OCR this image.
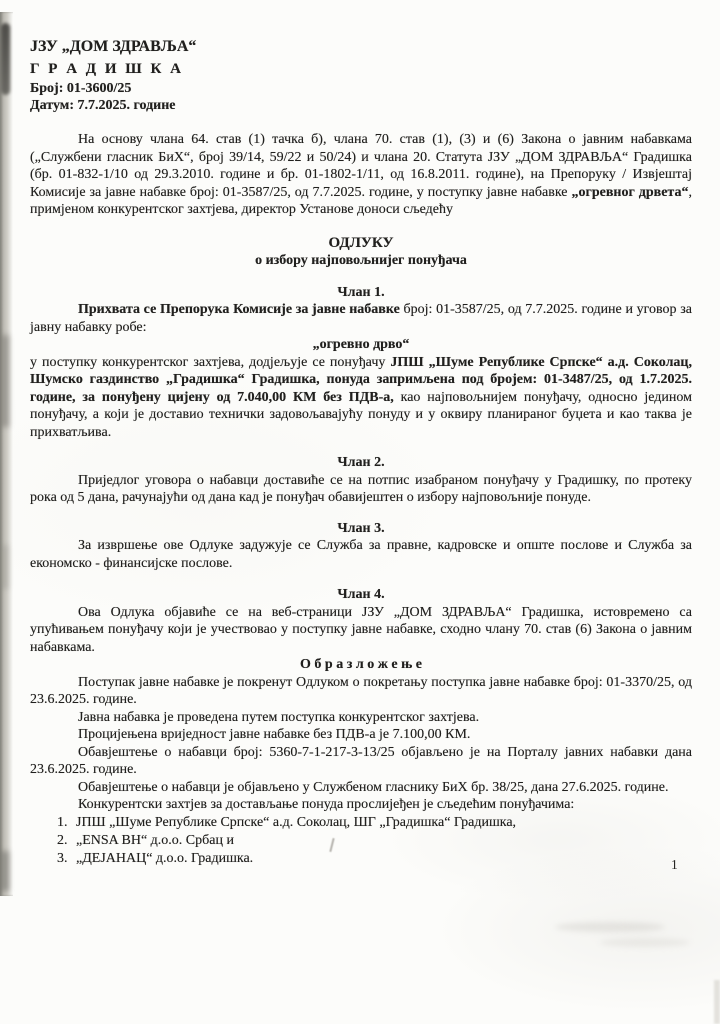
ЈЗУ „ДОМ ЗДРАВЉА“
Г Р А Д И Ш К А
Број: 01-3600/25
Датум: 7.7.2025. године

На основу члана 64. став (1) тачка б), члана 70. став (1), (3) и (6) Закона о јавним набавкама („Службени гласник БиХ“, број 39/14, 59/22 и 50/24) и члана 20. Статута ЈЗУ „ДОМ ЗДРАВЉА“ Градишка (бр. 01-832-1/10 од 29.3.2010. године и бр. 01-1802-1/11, од 16.8.2011. године), на Препоруку / Извјештај Комисије за јавне набавке број: 01-3587/25, од 7.7.2025. године, у поступку јавне набавке „огревног дрвета“, примјеном конкурентског захтјева, директор Установе доноси сљедећу

ОДЛУКУ
о избору најповољнијег понуђача
Члан 1.

Прихвата се Препорука Комисије за јавне набавке број: 01-3587/25, од 7.7.2025. године и уговор за јавну набавку робе:

„огревно дрво“

у поступку конкурентског захтјева, додјељује се понуђачу ЈПШ „Шуме Републике Српске“ а.д. Соколац, Шумско газдинство „Градишка“ Градишка, понуда запримљена под бројем: 01-3487/25, од 1.7.2025. године, за понуђену цијену од 7.040,00 КМ без ПДВ-а, као најповољнијем понуђачу, односно једином понуђачу, а који је доставио технички задовољавајућу понуду и у оквиру планираног буџета и као таква је прихватљива.

Члан 2.

Приједлог уговора о набавци доставиће се на потпис изабраном понуђачу у Градишку, по протеку рока од 5 дана, рачунајући од дана кад је понуђач обавијештен о избору најповољније понуде.

Члан 3.

За извршење ове Одлуке задужује се Служба за правне, кадровске и опште послове и Служба за економско - финансијске послове.

Члан 4.

Ова Одлука објавиће се на веб-страници ЈЗУ „ДОМ ЗДРАВЉА“ Градишка, истовремено са упућивањем понуђачу који је учествовао у поступку јавне набавке, сходно члану 70. став (6) Закона о јавним набавкама.

О б р а з л о ж е њ е

Поступак јавне набавке је покренут Одлуком о покретању поступка јавне набавке број: 01-3370/25, од 23.6.2025. године.

Јавна набавка је проведена путем поступка конкурентског захтјева.

Процијењена вриједност јавне набавке без ПДВ-а је 7.100,00 КМ.

Обавјештење о набавци број: 5360-7-1-217-3-13/25 објављено је на Порталу јавних набавки дана 23.6.2025. године.

Обавјештење о набавци је објављено у Службеном гласнику БиХ бр. 38/25, дана 27.6.2025. године.

Конкурентски захтјев за достављање понуда прослијеђен је сљедећим понуђачима:

1. ЈПШ „Шуме Републике Српске“ а.д. Соколац, ШГ „Градишка“ Градишка,
2. „ENSA BH“ д.о.о. Србац и
3. „ДЕЈАНАЦ“ д.о.о. Градишка.	1
